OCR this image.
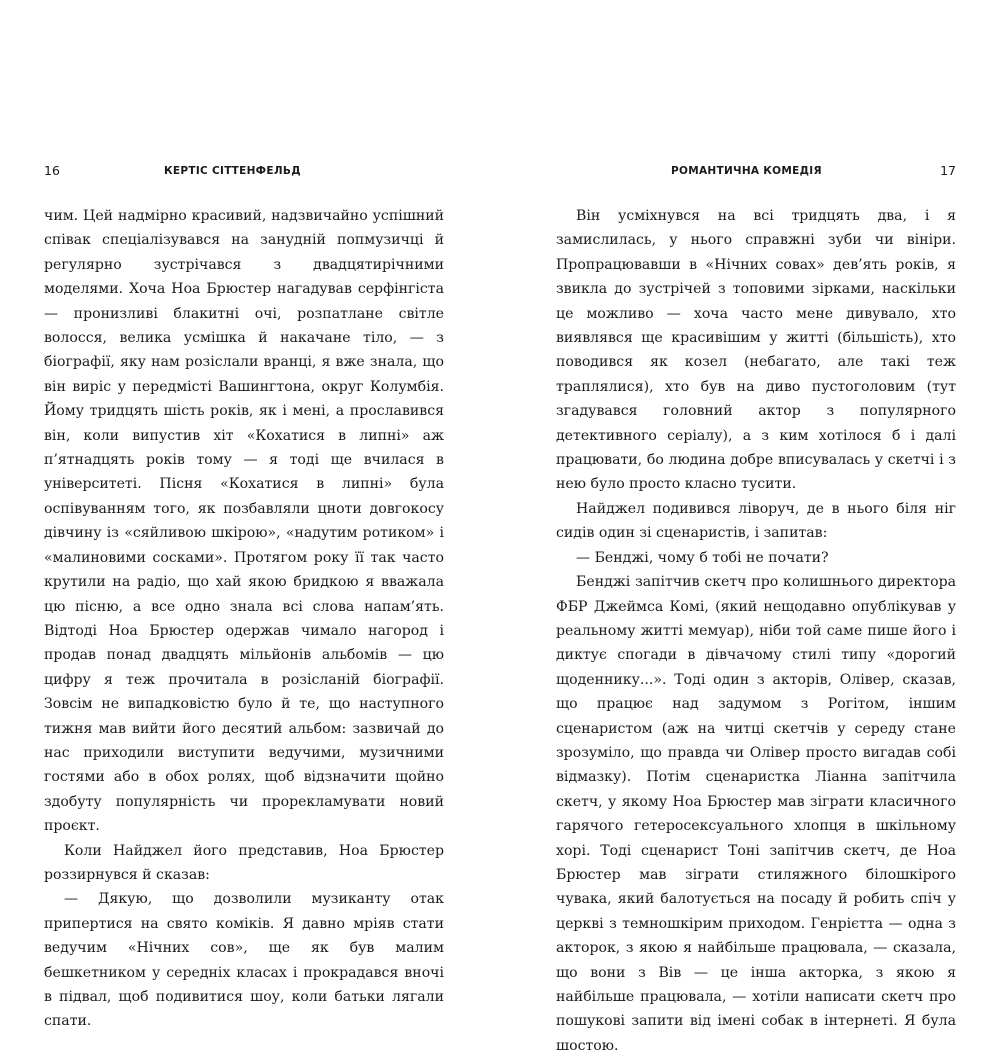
16	КЕРТІС СІТТЕНФЕЛЬД

чим. Цей надмірно красивий, надзвичайно успішний співак спеціалізувався на занудній попмузичці й регулярно зустрічався з двадцятирічними моделями. Хоча Ноа Брюстер нагадував серфінгіста — пронизливі блакитні очі, розпатлане світле волосся, велика усмішка й накачане тіло, — з біографії, яку нам розіслали вранці, я вже знала, що він виріс у передмісті Вашингтона, округ Колумбія. Йому тридцять шість років, як і мені, а прославився він, коли випустив хіт «Кохатися в липні» аж п’ятнадцять років тому — я тоді ще вчилася в університеті. Пісня «Кохатися в липні» була оспівуванням того, як позбавляли цноти довгокосу дівчину із «сяйливою шкірою», «надутим ротиком» і «малиновими сосками». Протягом року її так часто крутили на радіо, що хай якою бридкою я вважала цю пісню, а все одно знала всі слова напам’ять. Відтоді Ноа Брюстер одержав чимало нагород і продав понад двадцять мільйонів альбомів — цю цифру я теж прочитала в розісланій біографії. Зовсім не випадковістю було й те, що наступного тижня мав вийти його десятий альбом: зазвичай до нас приходили виступити ведучими, музичними гостями або в обох ролях, щоб відзначити щойно здобуту популярність чи прорекламувати новий проєкт.

Коли Найджел його представив, Ноа Брюстер роззирнувся й сказав:

— Дякую, що дозволили музиканту отак припертися на свято коміків. Я давно мріяв стати ведучим «Нічних сов», ще як був малим бешкетником у середніх класах і прокрадався вночі в підвал, щоб подивитися шоу, коли батьки лягали спати.

РОМАНТИЧНА КОМЕДІЯ	17

Він усміхнувся на всі тридцять два, і я замислилась, у нього справжні зуби чи вініри. Пропрацювавши в «Нічних совах» дев’ять років, я звикла до зустрічей з топовими зірками, наскільки це можливо — хоча часто мене дивувало, хто виявлявся ще красивішим у житті (більшість), хто поводився як козел (небагато, але такі теж траплялися), хто був на диво пустоголовим (тут згадувався головний актор з популярного детективного серіалу), а з ким хотілося б і далі працювати, бо людина добре вписувалась у скетчі і з нею було просто класно тусити.

Найджел подивився ліворуч, де в нього біля ніг сидів один зі сценаристів, і запитав:

— Бенджі, чому б тобі не почати?

Бенджі запітчив скетч про колишнього директора ФБР Джеймса Комі, (який нещодавно опублікував у реальному житті мемуар), ніби той саме пише його і диктує спогади в дівчачому стилі типу «дорогий щоденнику...». Тоді один з акторів, Олівер, сказав, що працює над задумом з Рогітом, іншим сценаристом (аж на читці скетчів у середу стане зрозуміло, що правда чи Олівер просто вигадав собі відмазку). Потім сценаристка Ліанна запітчила скетч, у якому Ноа Брюстер мав зіграти класичного гарячого гетеросексуального хлопця в шкільному хорі. Тоді сценарист Тоні запітчив скетч, де Ноа Брюстер мав зіграти стиляжного білошкірого чувака, який балотується на посаду й робить спіч у церкві з темношкірим приходом. Генрієтта — одна з акторок, з якою я найбільше працювала, — сказала, що вони з Вів — це інша акторка, з якою я найбільше працювала, — хотіли написати скетч про пошукові запити від імені собак в інтернеті. Я була шостою.
